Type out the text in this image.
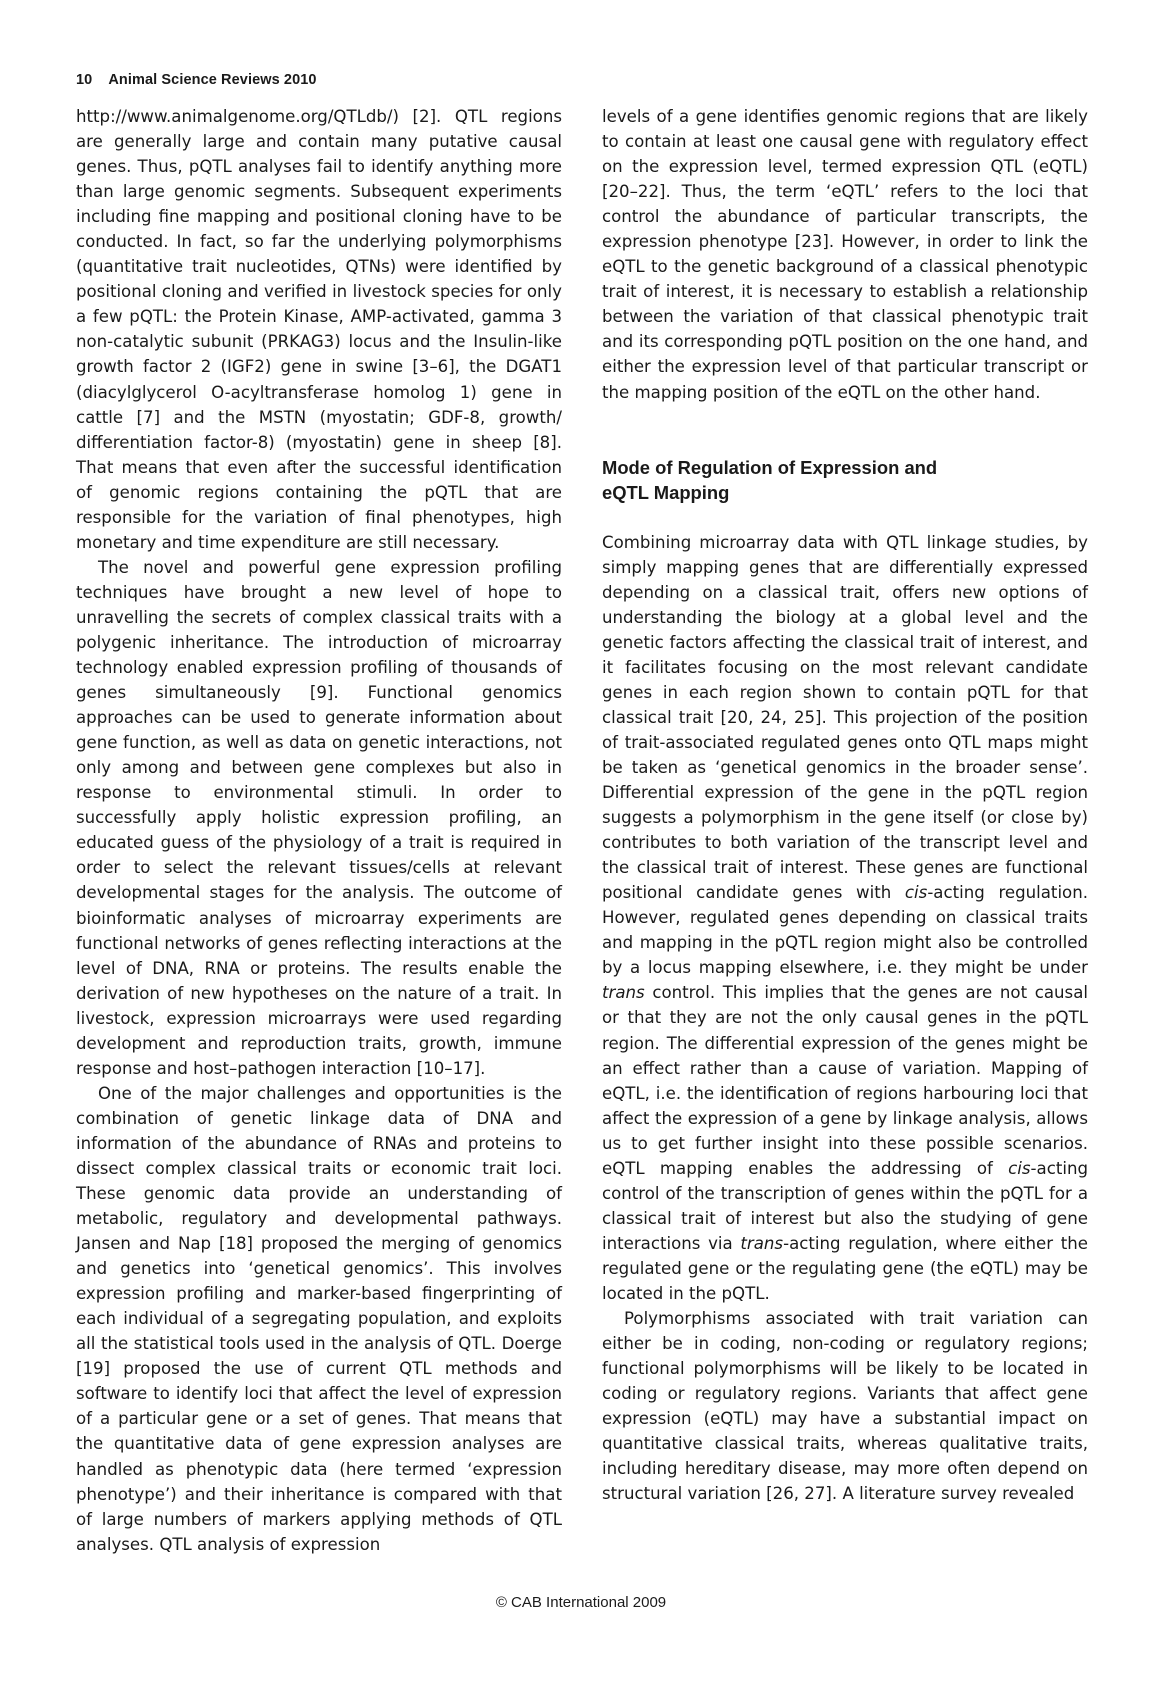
10 Animal Science Reviews 2010

http://www.animalgenome.org/QTLdb/) [2]. QTL regions are generally large and contain many putative causal genes. Thus, pQTL analyses fail to identify anything more than large genomic segments. Subsequent experiments including fine mapping and positional cloning have to be conducted. In fact, so far the underlying polymorphisms (quantitative trait nucleotides, QTNs) were identified by positional cloning and verified in livestock species for only a few pQTL: the Protein Kinase, AMP-activated, gamma 3 non-catalytic subunit (PRKAG3) locus and the Insulin-like growth factor 2 (IGF2) gene in swine [3–6], the DGAT1 (diacylglycerol O-acyltransferase homolog 1) gene in cattle [7] and the MSTN (myostatin; GDF-8, growth/ differentiation factor-8) (myostatin) gene in sheep [8]. That means that even after the successful identification of genomic regions containing the pQTL that are responsible for the variation of final phenotypes, high monetary and time expenditure are still necessary.

The novel and powerful gene expression profiling techniques have brought a new level of hope to unravelling the secrets of complex classical traits with a polygenic inheritance. The introduction of microarray technology enabled expression profiling of thousands of genes simultaneously [9]. Functional genomics approaches can be used to generate information about gene function, as well as data on genetic interactions, not only among and between gene complexes but also in response to environmental stimuli. In order to successfully apply holistic expression profiling, an educated guess of the physiology of a trait is required in order to select the relevant tissues/cells at relevant developmental stages for the analysis. The outcome of bioinformatic analyses of microarray experiments are functional networks of genes reflecting interactions at the level of DNA, RNA or proteins. The results enable the derivation of new hypotheses on the nature of a trait. In livestock, expression microarrays were used regarding development and reproduction traits, growth, immune response and host–pathogen interaction [10–17].

One of the major challenges and opportunities is the combination of genetic linkage data of DNA and information of the abundance of RNAs and proteins to dissect complex classical traits or economic trait loci. These genomic data provide an understanding of metabolic, regulatory and developmental pathways. Jansen and Nap [18] proposed the merging of genomics and genetics into ‘genetical genomics’. This involves expression profiling and marker-based fingerprinting of each individual of a segregating population, and exploits all the statistical tools used in the analysis of QTL. Doerge [19] proposed the use of current QTL methods and software to identify loci that affect the level of expression of a particular gene or a set of genes. That means that the quantitative data of gene expression analyses are handled as phenotypic data (here termed ‘expression phenotype’) and their inheritance is compared with that of large numbers of markers applying methods of QTL analyses. QTL analysis of expression

levels of a gene identifies genomic regions that are likely to contain at least one causal gene with regulatory effect on the expression level, termed expression QTL (eQTL) [20–22]. Thus, the term ‘eQTL’ refers to the loci that control the abundance of particular transcripts, the expression phenotype [23]. However, in order to link the eQTL to the genetic background of a classical phenotypic trait of interest, it is necessary to establish a relationship between the variation of that classical phenotypic trait and its corresponding pQTL position on the one hand, and either the expression level of that particular transcript or the mapping position of the eQTL on the other hand.

Mode of Regulation of Expression and
eQTL Mapping

Combining microarray data with QTL linkage studies, by simply mapping genes that are differentially expressed depending on a classical trait, offers new options of understanding the biology at a global level and the genetic factors affecting the classical trait of interest, and it facilitates focusing on the most relevant candidate genes in each region shown to contain pQTL for that classical trait [20, 24, 25]. This projection of the position of trait-associated regulated genes onto QTL maps might be taken as ‘genetical genomics in the broader sense’. Differential expression of the gene in the pQTL region suggests a polymorphism in the gene itself (or close by) contributes to both variation of the transcript level and the classical trait of interest. These genes are functional positional candidate genes with cis-acting regulation. However, regulated genes depending on classical traits and mapping in the pQTL region might also be controlled by a locus mapping elsewhere, i.e. they might be under trans control. This implies that the genes are not causal or that they are not the only causal genes in the pQTL region. The differential expression of the genes might be an effect rather than a cause of variation. Mapping of eQTL, i.e. the identification of regions harbouring loci that affect the expression of a gene by linkage analysis, allows us to get further insight into these possible scenarios. eQTL mapping enables the addressing of cis-acting control of the transcription of genes within the pQTL for a classical trait of interest but also the studying of gene interactions via trans-acting regulation, where either the regulated gene or the regulating gene (the eQTL) may be located in the pQTL.

Polymorphisms associated with trait variation can either be in coding, non-coding or regulatory regions; functional polymorphisms will be likely to be located in coding or regulatory regions. Variants that affect gene expression (eQTL) may have a substantial impact on quantitative classical traits, whereas qualitative traits, including hereditary disease, may more often depend on structural variation [26, 27]. A literature survey revealed

© CAB International 2009
